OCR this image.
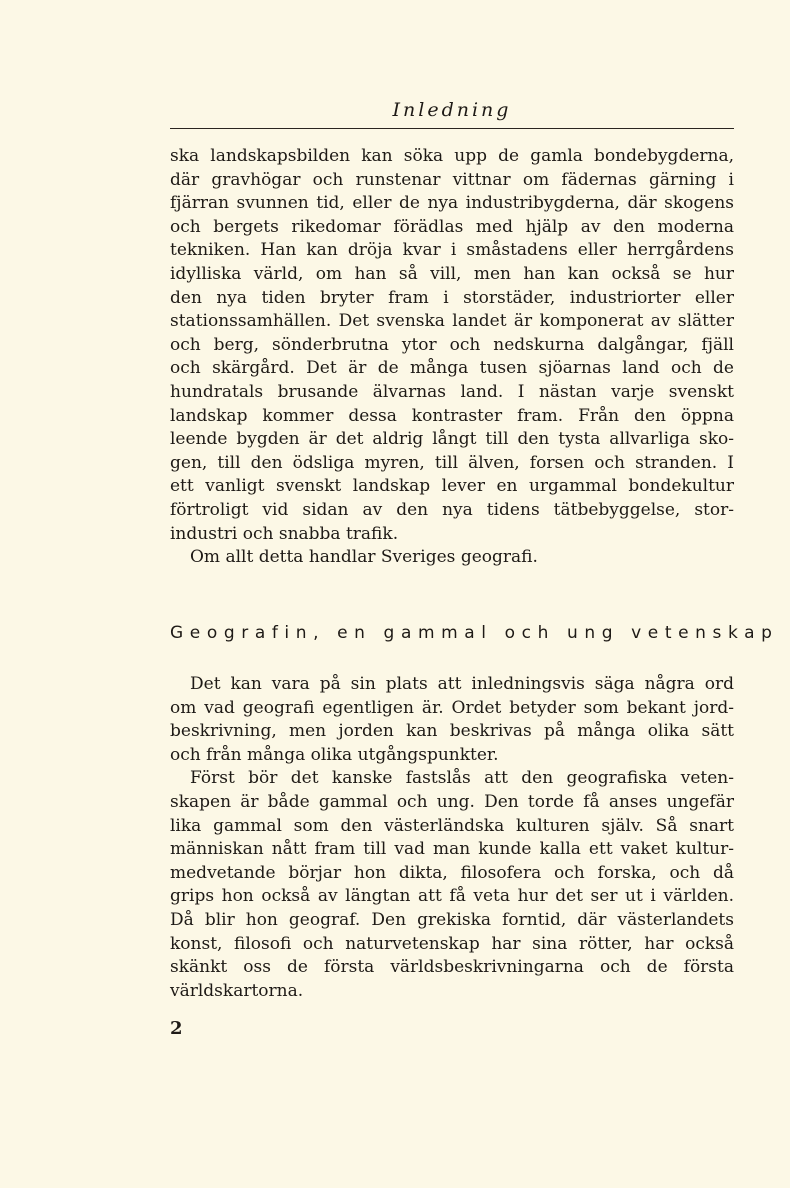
Inledning
ska landskapsbilden kan söka upp de gamla bondebygderna,
där gravhögar och runstenar vittnar om fädernas gärning i
fjärran svunnen tid, eller de nya industribygderna, där skogens
och bergets rikedomar förädlas med hjälp av den moderna
tekniken. Han kan dröja kvar i småstadens eller herrgårdens
idylliska värld, om han så vill, men han kan också se hur
den nya tiden bryter fram i storstäder, industriorter eller
stationssamhällen. Det svenska landet är komponerat av slätter
och berg, sönderbrutna ytor och nedskurna dalgångar, fjäll
och skärgård. Det är de många tusen sjöarnas land och de
hundratals brusande älvarnas land. I nästan varje svenskt
landskap kommer dessa kontraster fram. Från den öppna
leende bygden är det aldrig långt till den tysta allvarliga sko-
gen, till den ödsliga myren, till älven, forsen och stranden. I
ett vanligt svenskt landskap lever en urgammal bondekultur
förtroligt vid sidan av den nya tidens tätbebyggelse, stor-
industri och snabba trafik.
Om allt detta handlar Sveriges geografi.
Geografin, en gammal och ung vetenskap
Det kan vara på sin plats att inledningsvis säga några ord
om vad geografi egentligen är. Ordet betyder som bekant jord-
beskrivning, men jorden kan beskrivas på många olika sätt
och från många olika utgångspunkter.
Först bör det kanske fastslås att den geografiska veten-
skapen är både gammal och ung. Den torde få anses ungefär
lika gammal som den västerländska kulturen själv. Så snart
människan nått fram till vad man kunde kalla ett vaket kultur-
medvetande börjar hon dikta, filosofera och forska, och då
grips hon också av längtan att få veta hur det ser ut i världen.
Då blir hon geograf. Den grekiska forntid, där västerlandets
konst, filosofi och naturvetenskap har sina rötter, har också
skänkt oss de första världsbeskrivningarna och de första
världskartorna.
2
